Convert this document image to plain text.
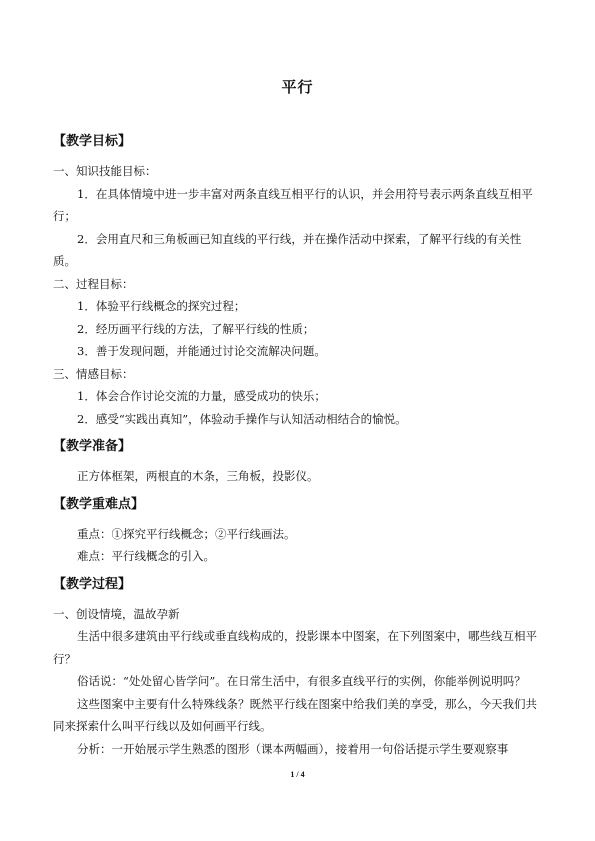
平行

【教学目标】

一、知识技能目标：

1．在具体情境中进一步丰富对两条直线互相平行的认识，并会用符号表示两条直线互相平行；

2．会用直尺和三角板画已知直线的平行线，并在操作活动中探索，了解平行线的有关性质。

二、过程目标：

1．体验平行线概念的探究过程；

2．经历画平行线的方法，了解平行线的性质；

3．善于发现问题，并能通过讨论交流解决问题。

三、情感目标：

1．体会合作讨论交流的力量，感受成功的快乐；

2．感受“实践出真知”，体验动手操作与认知活动相结合的愉悦。

【教学准备】

正方体框架，两根直的木条，三角板，投影仪。

【教学重难点】

重点：①探究平行线概念；②平行线画法。

难点：平行线概念的引入。

【教学过程】

一、创设情境，温故孕新

生活中很多建筑由平行线或垂直线构成的，投影课本中图案，在下列图案中，哪些线互相平行？

俗话说：“处处留心皆学问”。在日常生活中，有很多直线平行的实例，你能举例说明吗？

这些图案中主要有什么特殊线条？既然平行线在图案中给我们美的享受，那么，今天我们共同来探索什么叫平行线以及如何画平行线。

分析：一开始展示学生熟悉的图形（课本两幅画），接着用一句俗话提示学生要观察事

1 / 4
